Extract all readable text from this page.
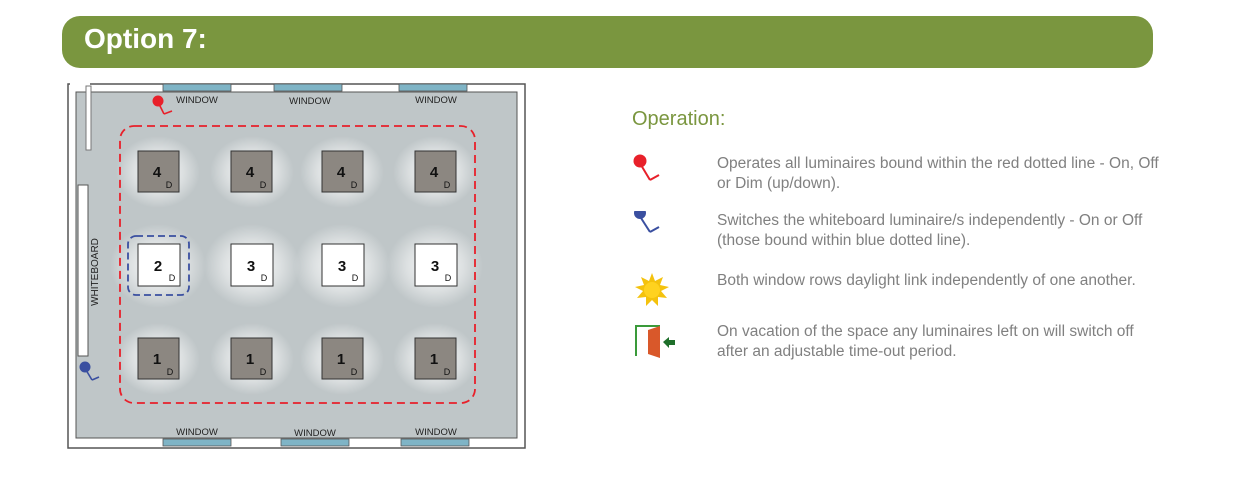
Option 7:
WINDOW	WINDOW	WINDOW
WINDOW	WINDOW	WINDOW
WHITEBOARD
4
D
4
D
4
D
4
D
2
D
3
D
3
D
3
D
1
D
1
D
1
D
1
D
Operation:
Operates all luminaires bound within the red dotted line - On, Off or Dim (up/down).
Switches the whiteboard luminaire/s independently - On or Off (those bound within blue dotted line).
Both window rows daylight link independently of one another.
On vacation of the space any luminaires left on will switch off after an adjustable time-out period.
